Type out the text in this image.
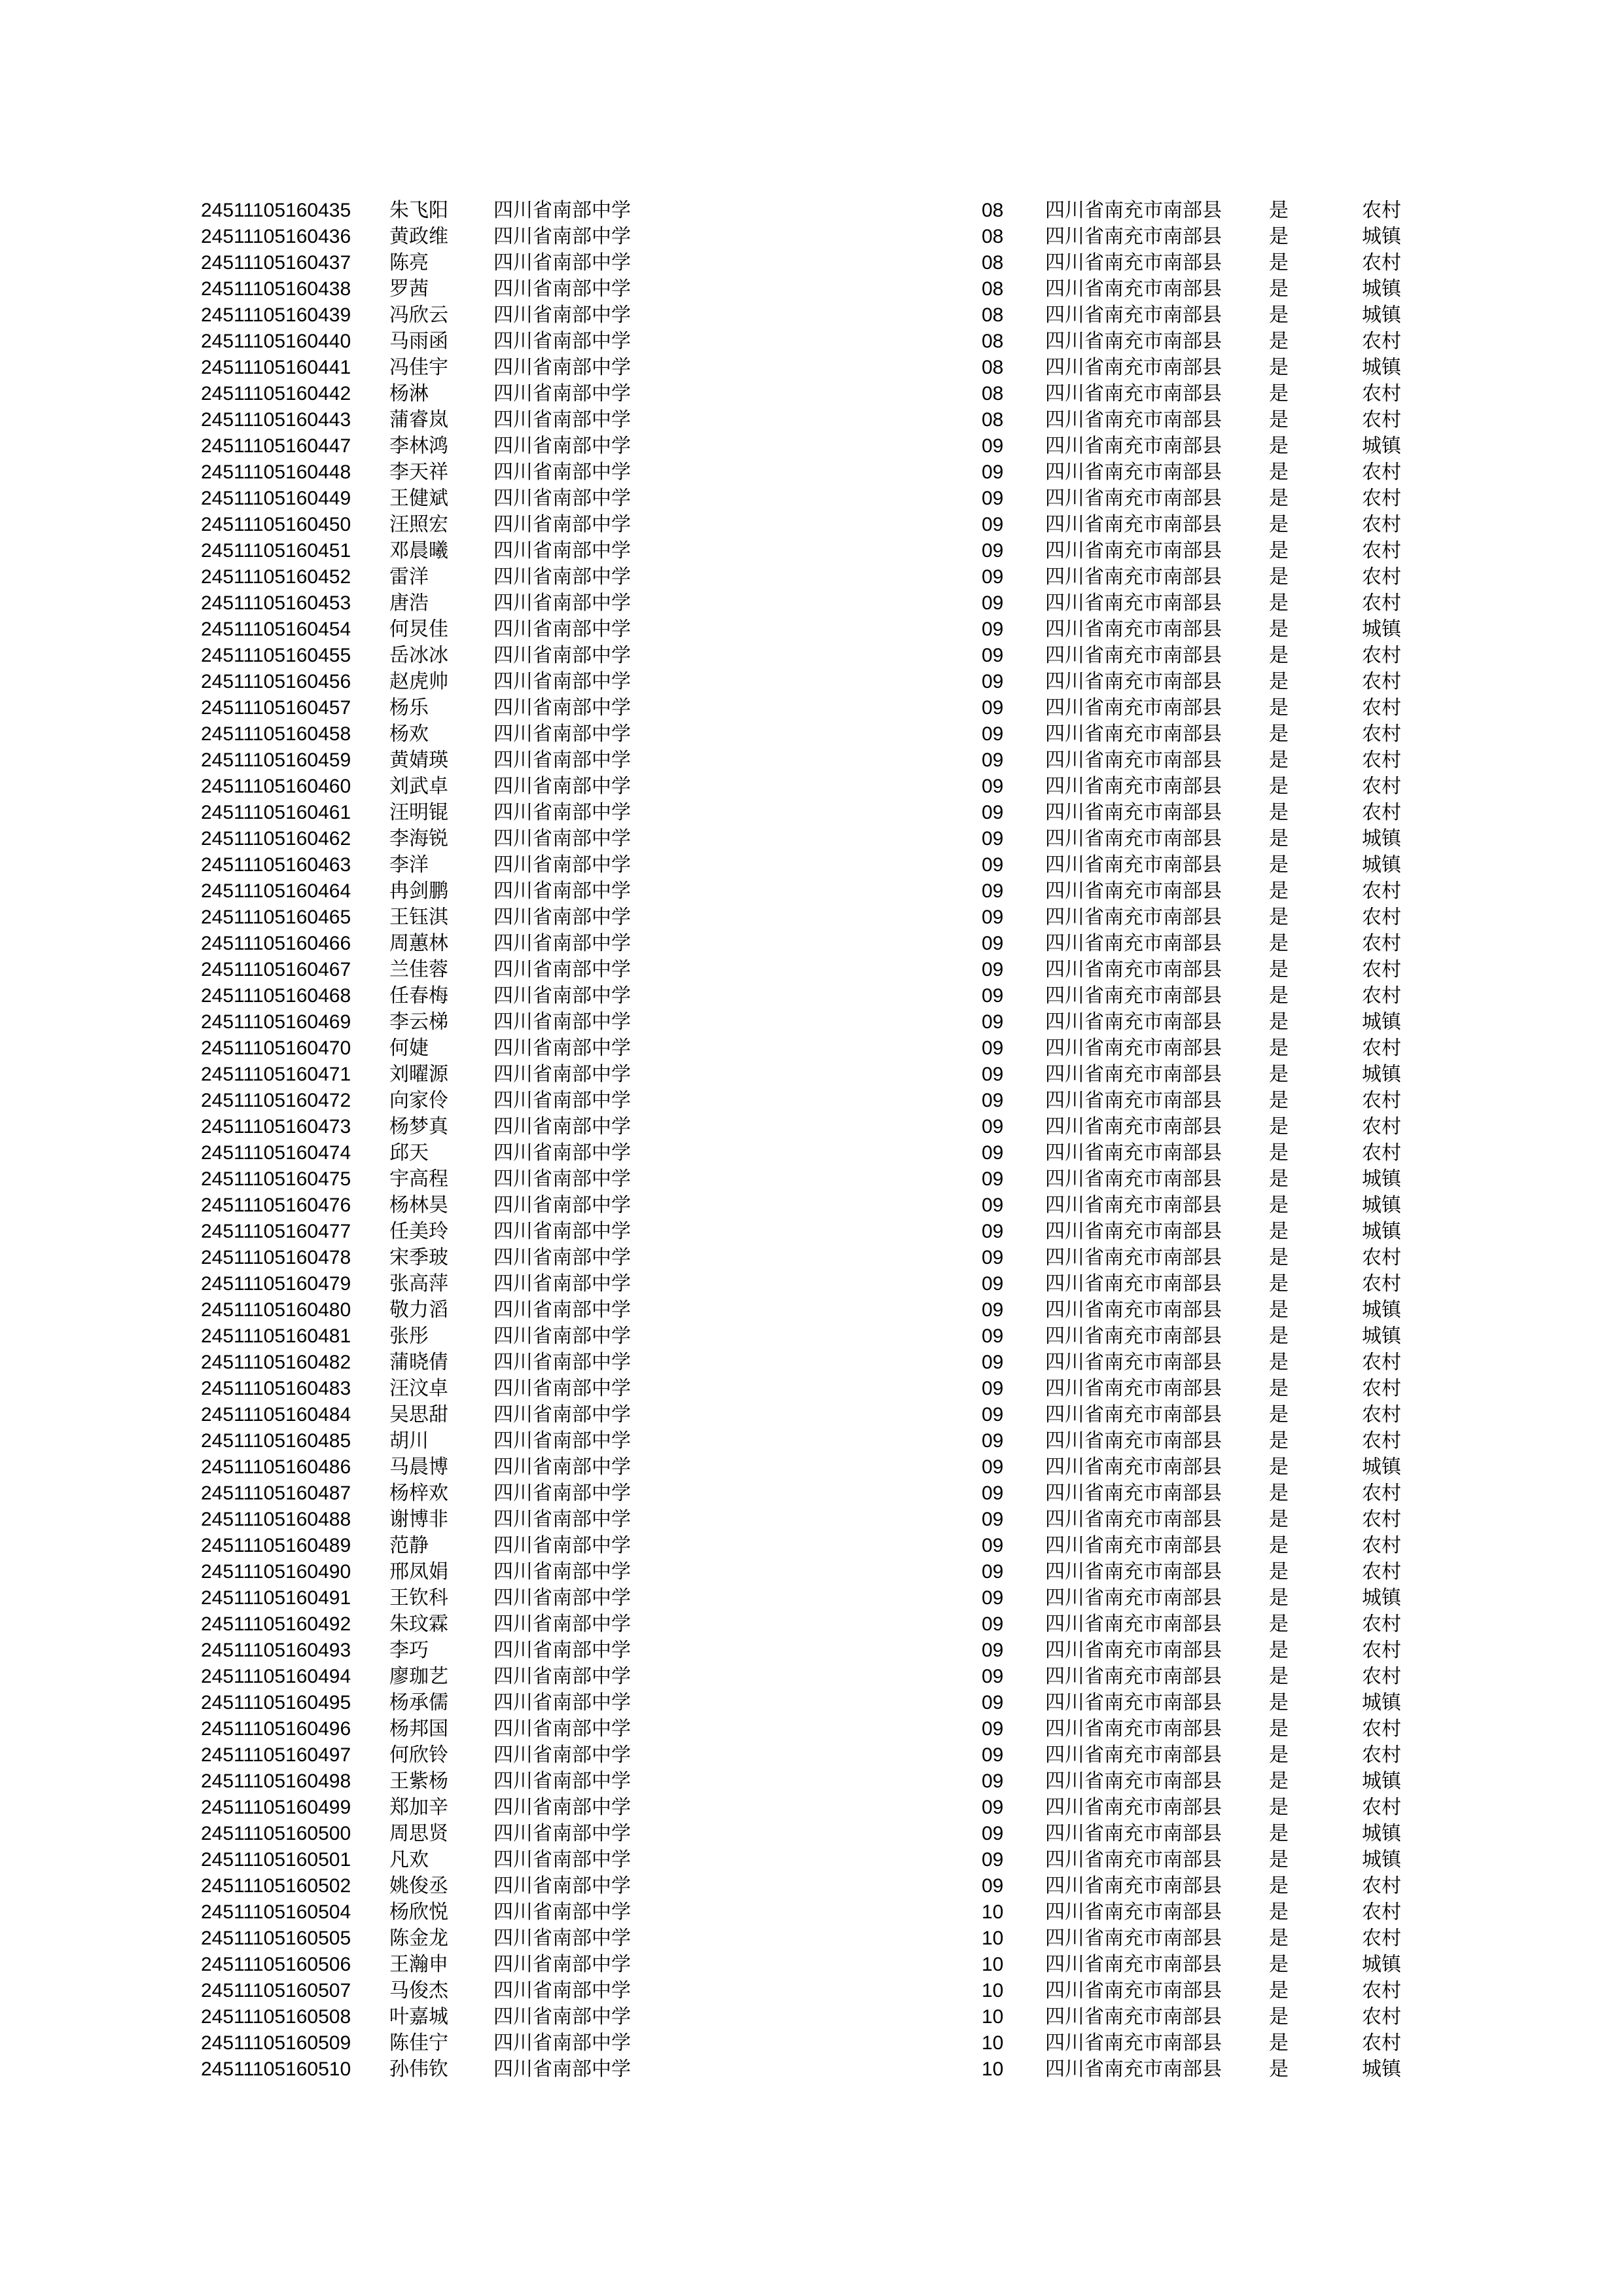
24511105160435 朱飞阳 四川省南部中学	08 四川省南充市南部县 是	农村
24511105160436 黄政维 四川省南部中学	08 四川省南充市南部县 是	城镇
24511105160437 陈亮	四川省南部中学	08 四川省南充市南部县 是	农村
24511105160438 罗茜	四川省南部中学	08 四川省南充市南部县 是	城镇
24511105160439 冯欣云 四川省南部中学	08 四川省南充市南部县 是	城镇
24511105160440 马雨函 四川省南部中学	08 四川省南充市南部县 是	农村
24511105160441 冯佳宇 四川省南部中学	08 四川省南充市南部县 是	城镇
24511105160442 杨淋	四川省南部中学	08 四川省南充市南部县 是	农村
24511105160443 蒲睿岚 四川省南部中学	08 四川省南充市南部县 是	农村
24511105160447 李林鸿 四川省南部中学	09 四川省南充市南部县 是	城镇
24511105160448 李天祥 四川省南部中学	09 四川省南充市南部县 是	农村
24511105160449 王健斌 四川省南部中学	09 四川省南充市南部县 是	农村
24511105160450 汪照宏 四川省南部中学	09 四川省南充市南部县 是	农村
24511105160451 邓晨曦 四川省南部中学	09 四川省南充市南部县 是	农村
24511105160452 雷洋	四川省南部中学	09 四川省南充市南部县 是	农村
24511105160453 唐浩	四川省南部中学	09 四川省南充市南部县 是	农村
24511105160454 何炅佳 四川省南部中学	09 四川省南充市南部县 是	城镇
24511105160455 岳冰冰 四川省南部中学	09 四川省南充市南部县 是	农村
24511105160456 赵虎帅 四川省南部中学	09 四川省南充市南部县 是	农村
24511105160457 杨乐	四川省南部中学	09 四川省南充市南部县 是	农村
24511105160458 杨欢	四川省南部中学	09 四川省南充市南部县 是	农村
24511105160459 黄婧瑛 四川省南部中学	09 四川省南充市南部县 是	农村
24511105160460 刘武卓 四川省南部中学	09 四川省南充市南部县 是	农村
24511105160461 汪明锟 四川省南部中学	09 四川省南充市南部县 是	农村
24511105160462 李海锐 四川省南部中学	09 四川省南充市南部县 是	城镇
24511105160463 李洋	四川省南部中学	09 四川省南充市南部县 是	城镇
24511105160464 冉剑鹏 四川省南部中学	09 四川省南充市南部县 是	农村
24511105160465 王钰淇 四川省南部中学	09 四川省南充市南部县 是	农村
24511105160466 周蕙林 四川省南部中学	09 四川省南充市南部县 是	农村
24511105160467 兰佳蓉 四川省南部中学	09 四川省南充市南部县 是	农村
24511105160468 任春梅 四川省南部中学	09 四川省南充市南部县 是	农村
24511105160469 李云梯 四川省南部中学	09 四川省南充市南部县 是	城镇
24511105160470 何婕	四川省南部中学	09 四川省南充市南部县 是	农村
24511105160471 刘曜源 四川省南部中学	09 四川省南充市南部县 是	城镇
24511105160472 向家伶 四川省南部中学	09 四川省南充市南部县 是	农村
24511105160473 杨梦真 四川省南部中学	09 四川省南充市南部县 是	农村
24511105160474 邱天	四川省南部中学	09 四川省南充市南部县 是	农村
24511105160475 宇高程 四川省南部中学	09 四川省南充市南部县 是	城镇
24511105160476 杨林昊 四川省南部中学	09 四川省南充市南部县 是	城镇
24511105160477 任美玲 四川省南部中学	09 四川省南充市南部县 是	城镇
24511105160478 宋季玻 四川省南部中学	09 四川省南充市南部县 是	农村
24511105160479 张高萍 四川省南部中学	09 四川省南充市南部县 是	农村
24511105160480 敬力滔 四川省南部中学	09 四川省南充市南部县 是	城镇
24511105160481 张彤	四川省南部中学	09 四川省南充市南部县 是	城镇
24511105160482 蒲晓倩 四川省南部中学	09 四川省南充市南部县 是	农村
24511105160483 汪汶卓 四川省南部中学	09 四川省南充市南部县 是	农村
24511105160484 吴思甜 四川省南部中学	09 四川省南充市南部县 是	农村
24511105160485 胡川	四川省南部中学	09 四川省南充市南部县 是	农村
24511105160486 马晨博 四川省南部中学	09 四川省南充市南部县 是	城镇
24511105160487 杨梓欢 四川省南部中学	09 四川省南充市南部县 是	农村
24511105160488 谢博非 四川省南部中学	09 四川省南充市南部县 是	农村
24511105160489 范静	四川省南部中学	09 四川省南充市南部县 是	农村
24511105160490 邢凤娟 四川省南部中学	09 四川省南充市南部县 是	农村
24511105160491 王钦科 四川省南部中学	09 四川省南充市南部县 是	城镇
24511105160492 朱玟霖 四川省南部中学	09 四川省南充市南部县 是	农村
24511105160493 李巧	四川省南部中学	09 四川省南充市南部县 是	农村
24511105160494 廖珈艺 四川省南部中学	09 四川省南充市南部县 是	农村
24511105160495 杨承儒 四川省南部中学	09 四川省南充市南部县 是	城镇
24511105160496 杨邦国 四川省南部中学	09 四川省南充市南部县 是	农村
24511105160497 何欣铃 四川省南部中学	09 四川省南充市南部县 是	农村
24511105160498 王紫杨 四川省南部中学	09 四川省南充市南部县 是	城镇
24511105160499 郑加辛 四川省南部中学	09 四川省南充市南部县 是	农村
24511105160500 周思贤 四川省南部中学	09 四川省南充市南部县 是	城镇
24511105160501 凡欢	四川省南部中学	09 四川省南充市南部县 是	城镇
24511105160502 姚俊丞 四川省南部中学	09 四川省南充市南部县 是	农村
24511105160504 杨欣悦 四川省南部中学	10 四川省南充市南部县 是	农村
24511105160505 陈金龙 四川省南部中学	10 四川省南充市南部县 是	农村
24511105160506 王瀚申 四川省南部中学	10 四川省南充市南部县 是	城镇
24511105160507 马俊杰 四川省南部中学	10 四川省南充市南部县 是	农村
24511105160508 叶嘉城 四川省南部中学	10 四川省南充市南部县 是	农村
24511105160509 陈佳宁 四川省南部中学	10 四川省南充市南部县 是	农村
24511105160510 孙伟钦 四川省南部中学	10 四川省南充市南部县 是	城镇
